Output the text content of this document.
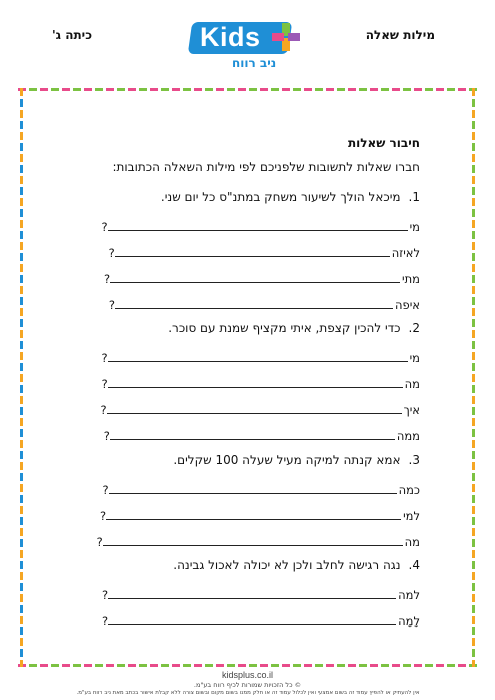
מילות שאלה
כיתה ג'	Kids
ניב רווח
חיבור שאלות
חברו שאלות לתשובות שלפניכם לפי מילות השאלה הכתובות:
1.מיכאל הולך לשיעור משחק במתנ"ס כל יום שני.
מי?
לאיזה?
מתי?
איפה?
2.כדי להכין קצפת, איתי מקציף שמנת עם סוכר.
מי?
מה?
איך?
ממה?
3.אמא קנתה למיקה מעיל שעלה 100 שקלים.
כמה?
למי?
מה?
4.נגה רגישה לחלב ולכן לא יכולה לאכול גבינה.
למה?
לָמָה?
kidsplus.co.il
© כל הזכויות שמורות לכיף רווח בע"מ.
אין להעתיק או להפיץ עמוד זה בשום אמצעי ואין לכלול עמוד זה או חלק ממנו בשום מקום ובשום צורה ללא קבלת אישור בכתב מאת ניב רווח בע"מ.
